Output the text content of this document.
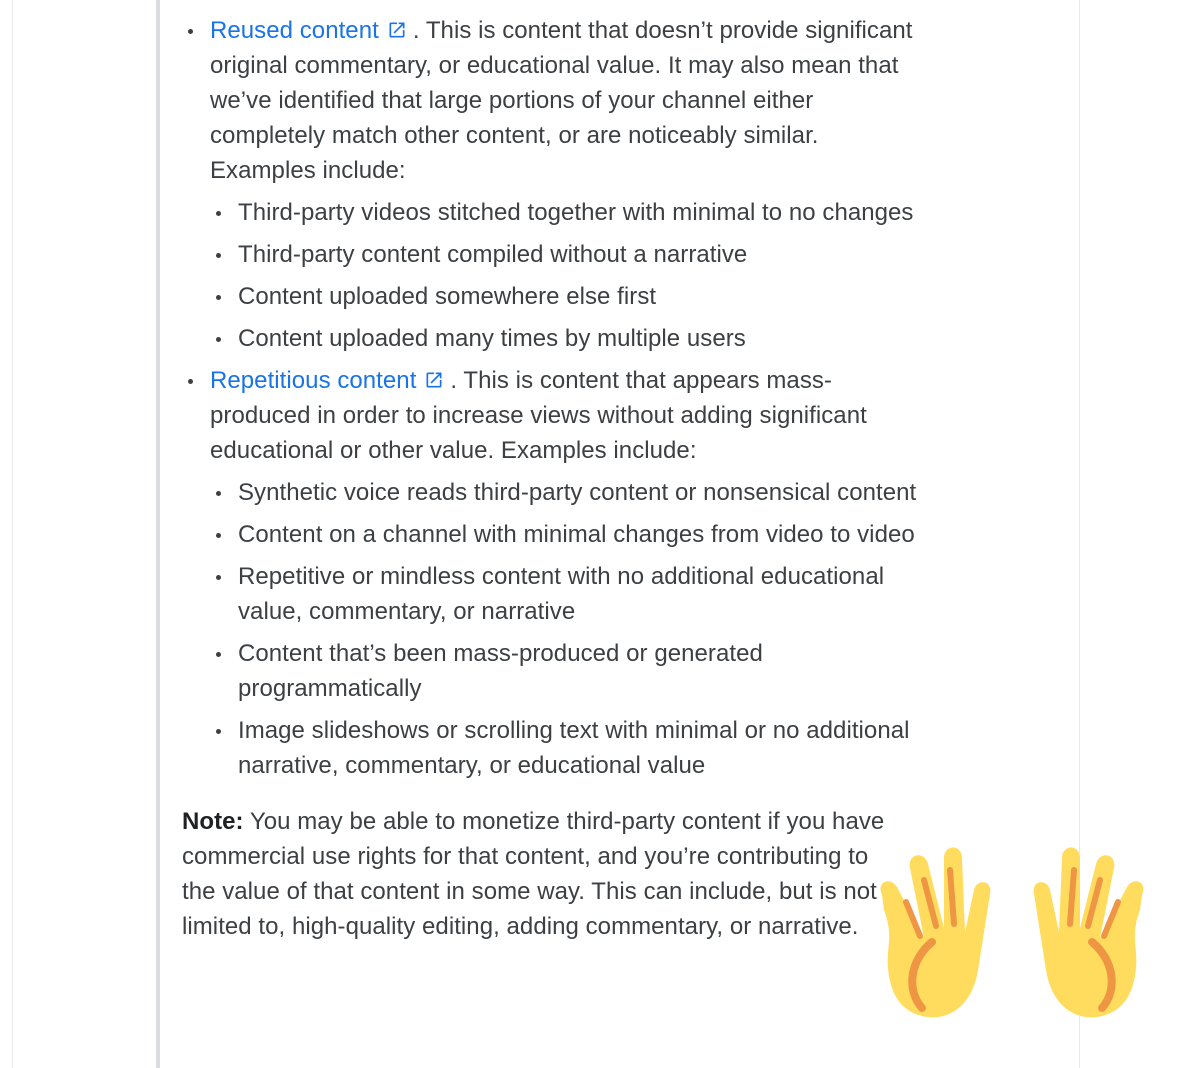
Reused content . This is content that doesn’t provide significant original commentary, or educational value. It may also mean that we’ve identified that large portions of your channel either completely match other content, or are noticeably similar. Examples include:
Third-party videos stitched together with minimal to no changes
Third-party content compiled without a narrative
Content uploaded somewhere else first
Content uploaded many times by multiple users
Repetitious content . This is content that appears mass-produced in order to increase views without adding significant educational or other value. Examples include:
Synthetic voice reads third-party content or nonsensical content
Content on a channel with minimal changes from video to video
Repetitive or mindless content with no additional educational value, commentary, or narrative
Content that’s been mass-produced or generated programmatically
Image slideshows or scrolling text with minimal or no additional narrative, commentary, or educational value

Note: You may be able to monetize third-party content if you have commercial use rights for that content, and you’re contributing to the value of that content in some way. This can include, but is not limited to, high-quality editing, adding commentary, or narrative.
